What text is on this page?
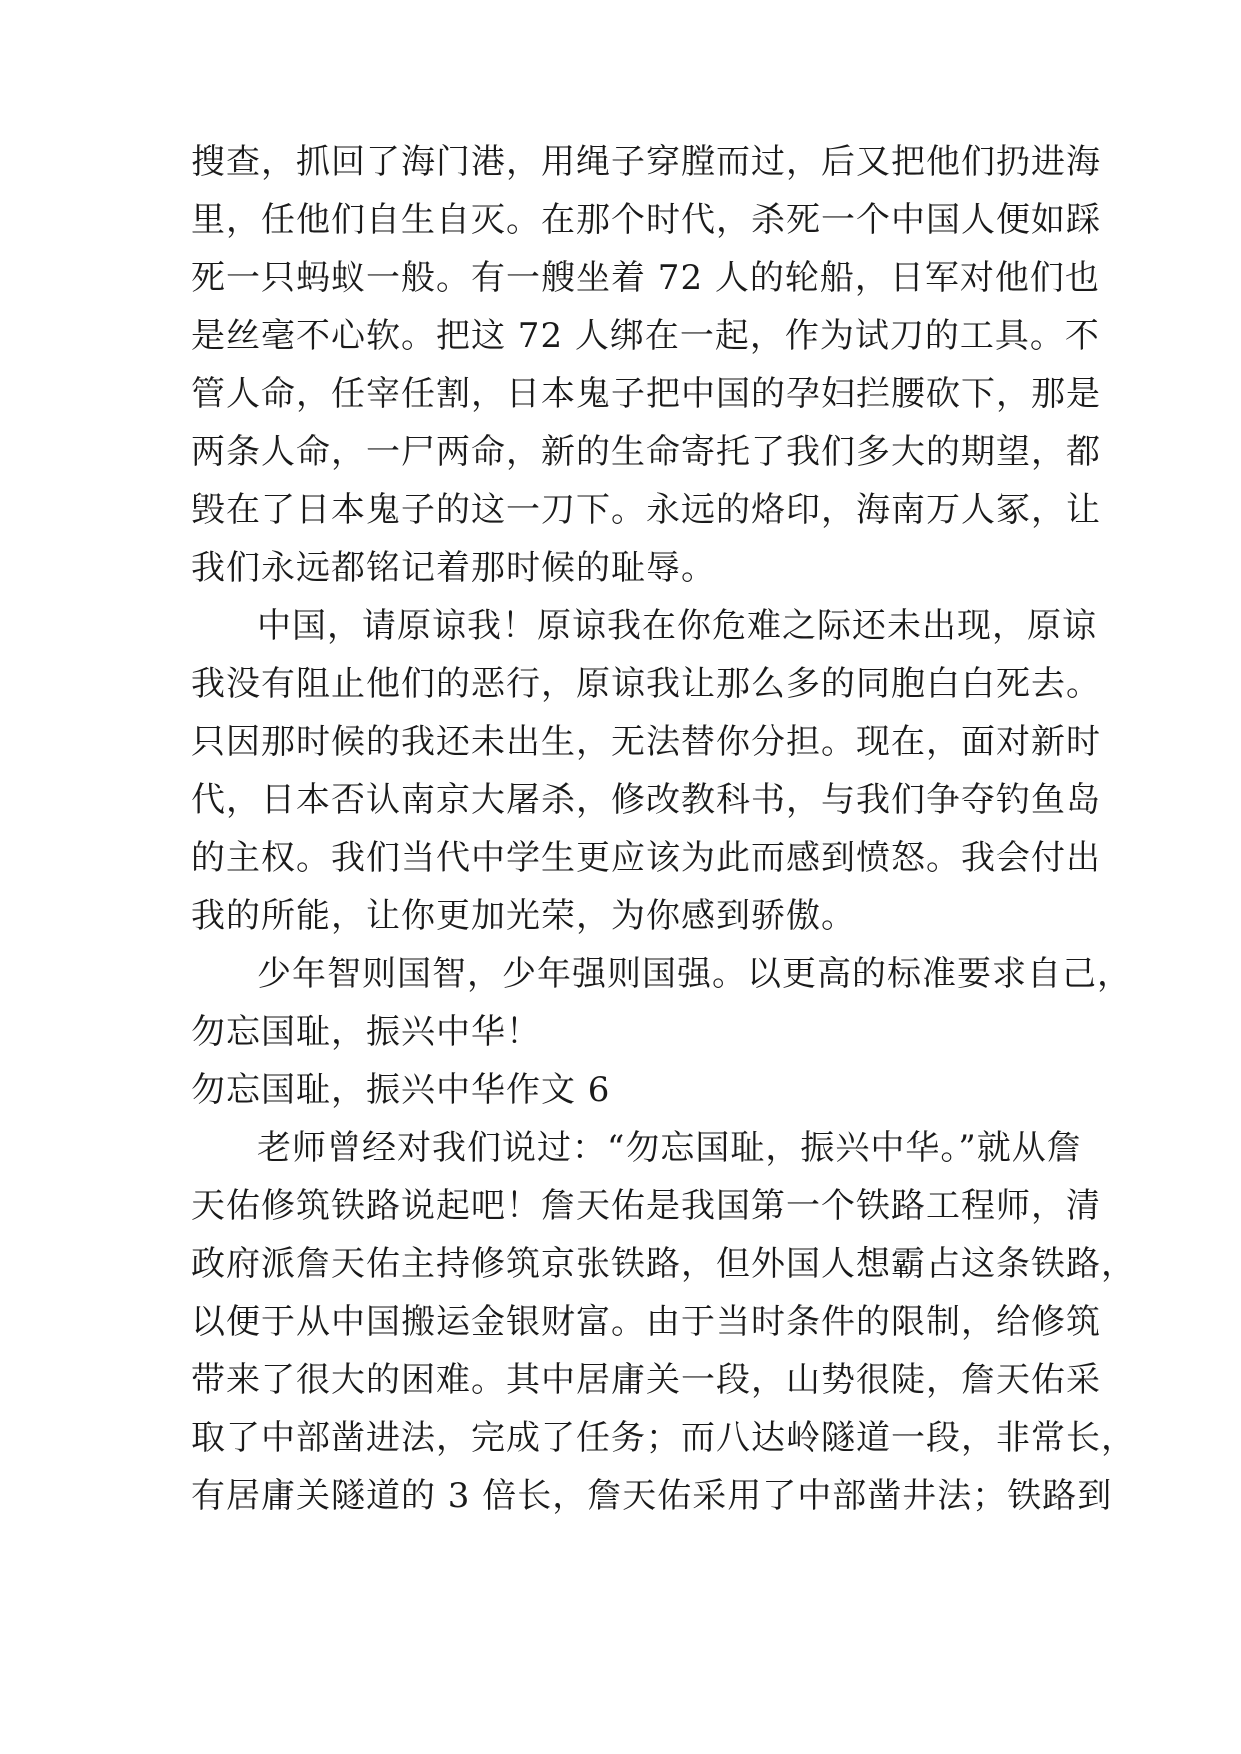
搜查，抓回了海门港，用绳子穿膛而过，后又把他们扔进海
里，任他们自生自灭。在那个时代，杀死一个中国人便如踩
死一只蚂蚁一般。有一艘坐着 72 人的轮船，日军对他们也
是丝毫不心软。把这 72 人绑在一起，作为试刀的工具。不
管人命，任宰任割，日本鬼子把中国的孕妇拦腰砍下，那是
两条人命，一尸两命，新的生命寄托了我们多大的期望，都
毁在了日本鬼子的这一刀下。永远的烙印，海南万人冢，让
我们永远都铭记着那时候的耻辱。
中国，请原谅我！原谅我在你危难之际还未出现，原谅
我没有阻止他们的恶行，原谅我让那么多的同胞白白死去。
只因那时候的我还未出生，无法替你分担。现在，面对新时
代，日本否认南京大屠杀，修改教科书，与我们争夺钓鱼岛
的主权。我们当代中学生更应该为此而感到愤怒。我会付出
我的所能，让你更加光荣，为你感到骄傲。
少年智则国智，少年强则国强。以更高的标准要求自己，
勿忘国耻，振兴中华！
勿忘国耻，振兴中华作文 6
老师曾经对我们说过：“勿忘国耻，振兴中华。”就从詹
天佑修筑铁路说起吧！詹天佑是我国第一个铁路工程师，清
政府派詹天佑主持修筑京张铁路，但外国人想霸占这条铁路，
以便于从中国搬运金银财富。由于当时条件的限制，给修筑
带来了很大的困难。其中居庸关一段，山势很陡，詹天佑采
取了中部凿进法，完成了任务；而八达岭隧道一段，非常长，
有居庸关隧道的 3 倍长，詹天佑采用了中部凿井法；铁路到
